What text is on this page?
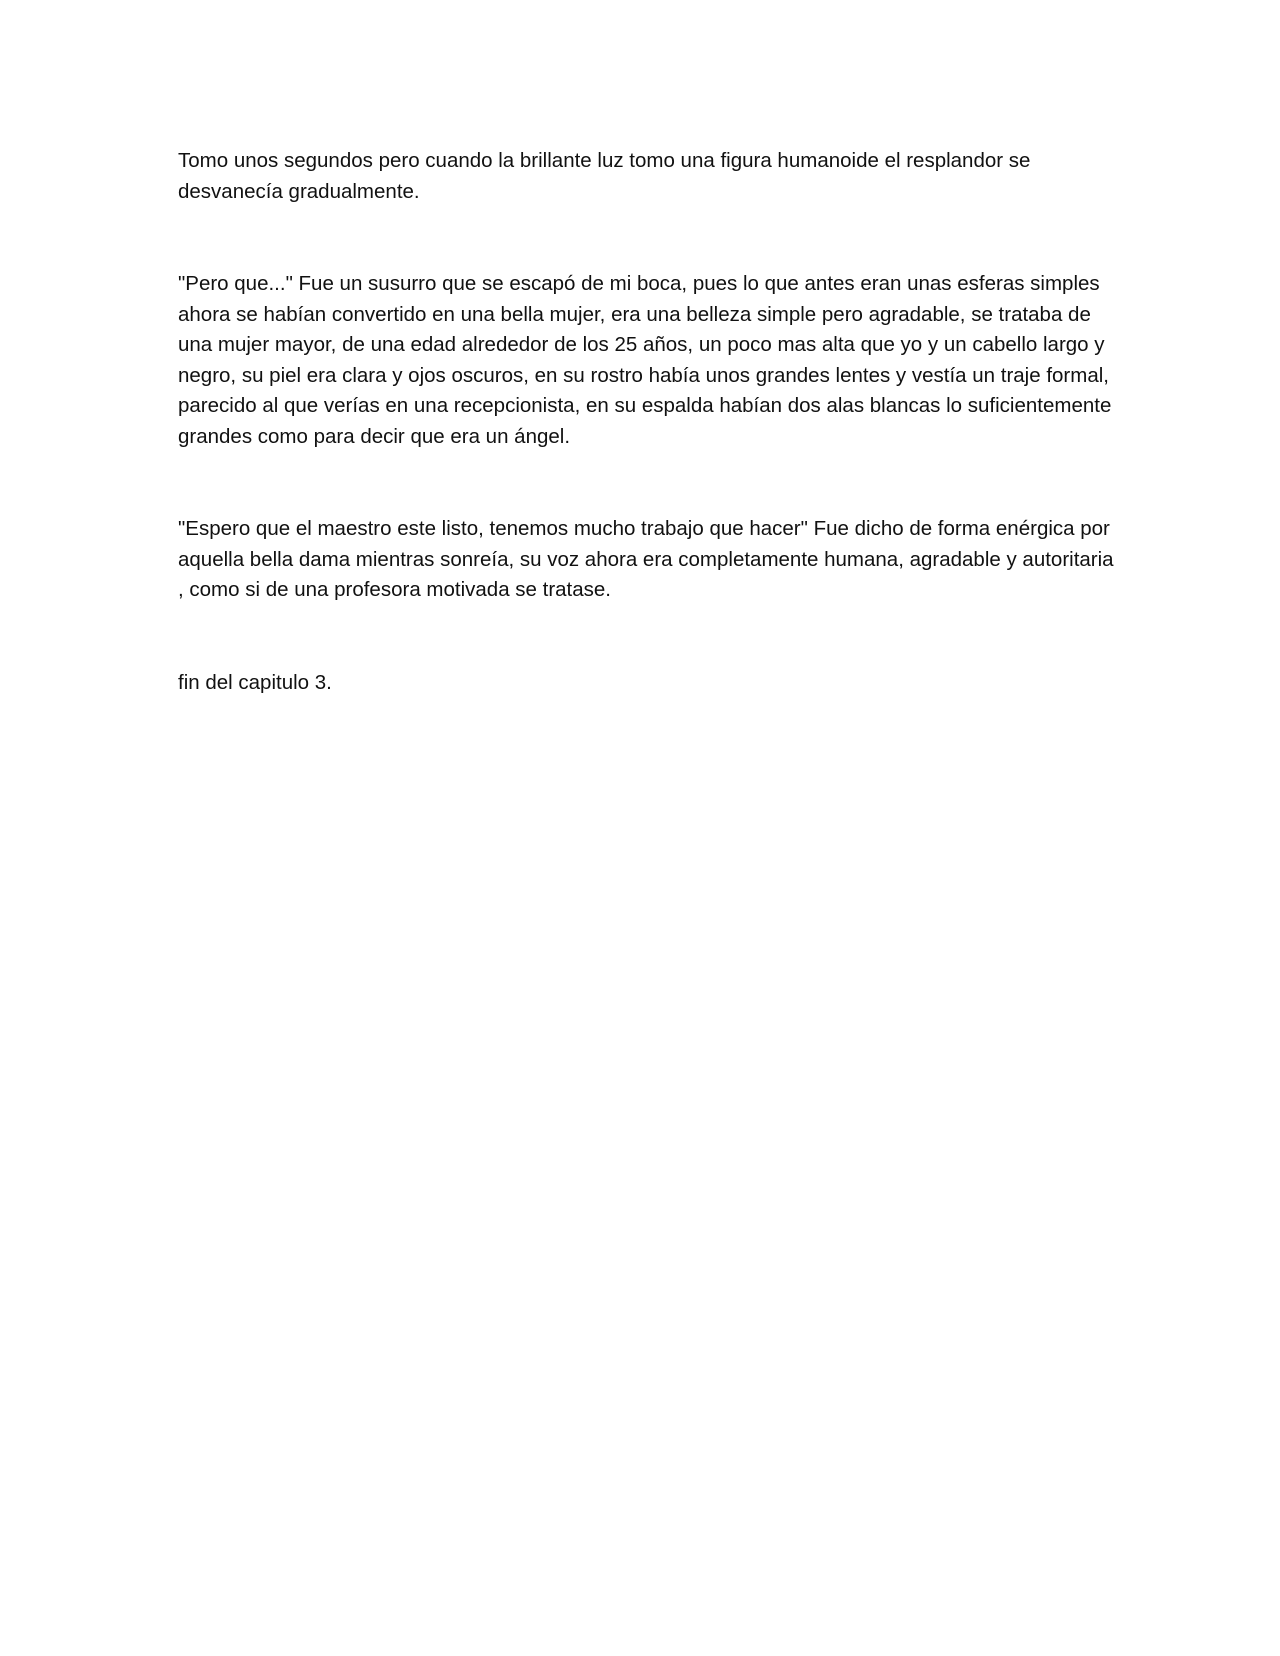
Tomo unos segundos pero cuando la brillante luz tomo una figura humanoide el resplandor se desvanecía gradualmente.

"Pero que..." Fue un susurro que se escapó de mi boca, pues lo que antes eran unas esferas simples ahora se habían convertido en una bella mujer, era una belleza simple pero agradable, se trataba de una mujer mayor, de una edad alrededor de los 25 años, un poco mas alta que yo y un cabello largo y negro, su piel era clara y ojos oscuros, en su rostro había unos grandes lentes y vestía un traje formal, parecido al que verías en una recepcionista, en su espalda habían dos alas blancas lo suficientemente grandes como para decir que era un ángel.

"Espero que el maestro este listo, tenemos mucho trabajo que hacer" Fue dicho de forma enérgica por aquella bella dama mientras sonreía, su voz ahora era completamente humana, agradable y autoritaria , como si de una profesora motivada se tratase.

fin del capitulo 3.
